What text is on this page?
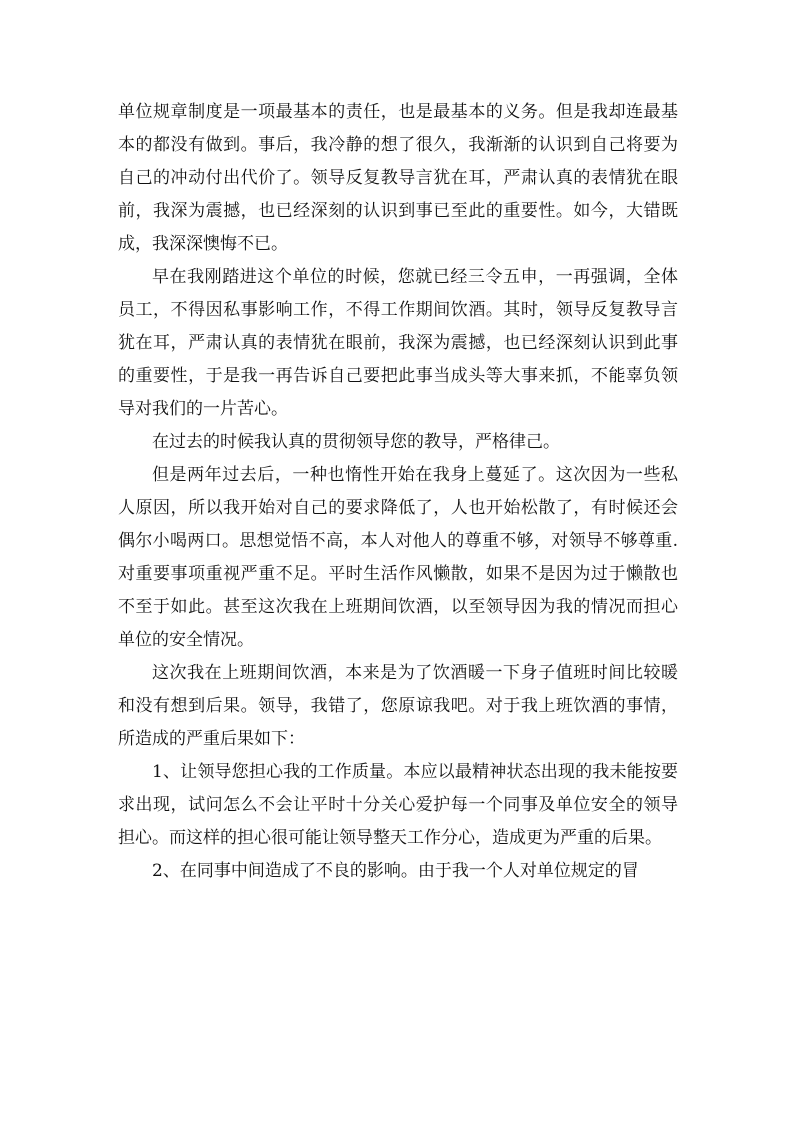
单位规章制度是一项最基本的责任，也是最基本的义务。但是我却连最基本的都没有做到。事后，我冷静的想了很久，我渐渐的认识到自己将要为自己的冲动付出代价了。领导反复教导言犹在耳，严肃认真的表情犹在眼前，我深为震撼，也已经深刻的认识到事已至此的重要性。如今，大错既成，我深深懊悔不已。

早在我刚踏进这个单位的时候，您就已经三令五申，一再强调，全体员工，不得因私事影响工作，不得工作期间饮酒。其时，领导反复教导言犹在耳，严肃认真的表情犹在眼前，我深为震撼，也已经深刻认识到此事的重要性，于是我一再告诉自己要把此事当成头等大事来抓，不能辜负领导对我们的一片苦心。

在过去的时候我认真的贯彻领导您的教导，严格律己。

但是两年过去后，一种也惰性开始在我身上蔓延了。这次因为一些私人原因，所以我开始对自己的要求降低了，人也开始松散了，有时候还会偶尔小喝两口。思想觉悟不高，本人对他人的尊重不够，对领导不够尊重.对重要事项重视严重不足。平时生活作风懒散，如果不是因为过于懒散也不至于如此。甚至这次我在上班期间饮酒，以至领导因为我的情况而担心单位的安全情况。

这次我在上班期间饮酒，本来是为了饮酒暖一下身子值班时间比较暖和没有想到后果。领导，我错了，您原谅我吧。对于我上班饮酒的事情，所造成的严重后果如下：

1、让领导您担心我的工作质量。本应以最精神状态出现的我未能按要求出现，试问怎么不会让平时十分关心爱护每一个同事及单位安全的领导担心。而这样的担心很可能让领导整天工作分心，造成更为严重的后果。

2、在同事中间造成了不良的影响。由于我一个人对单位规定的冒
